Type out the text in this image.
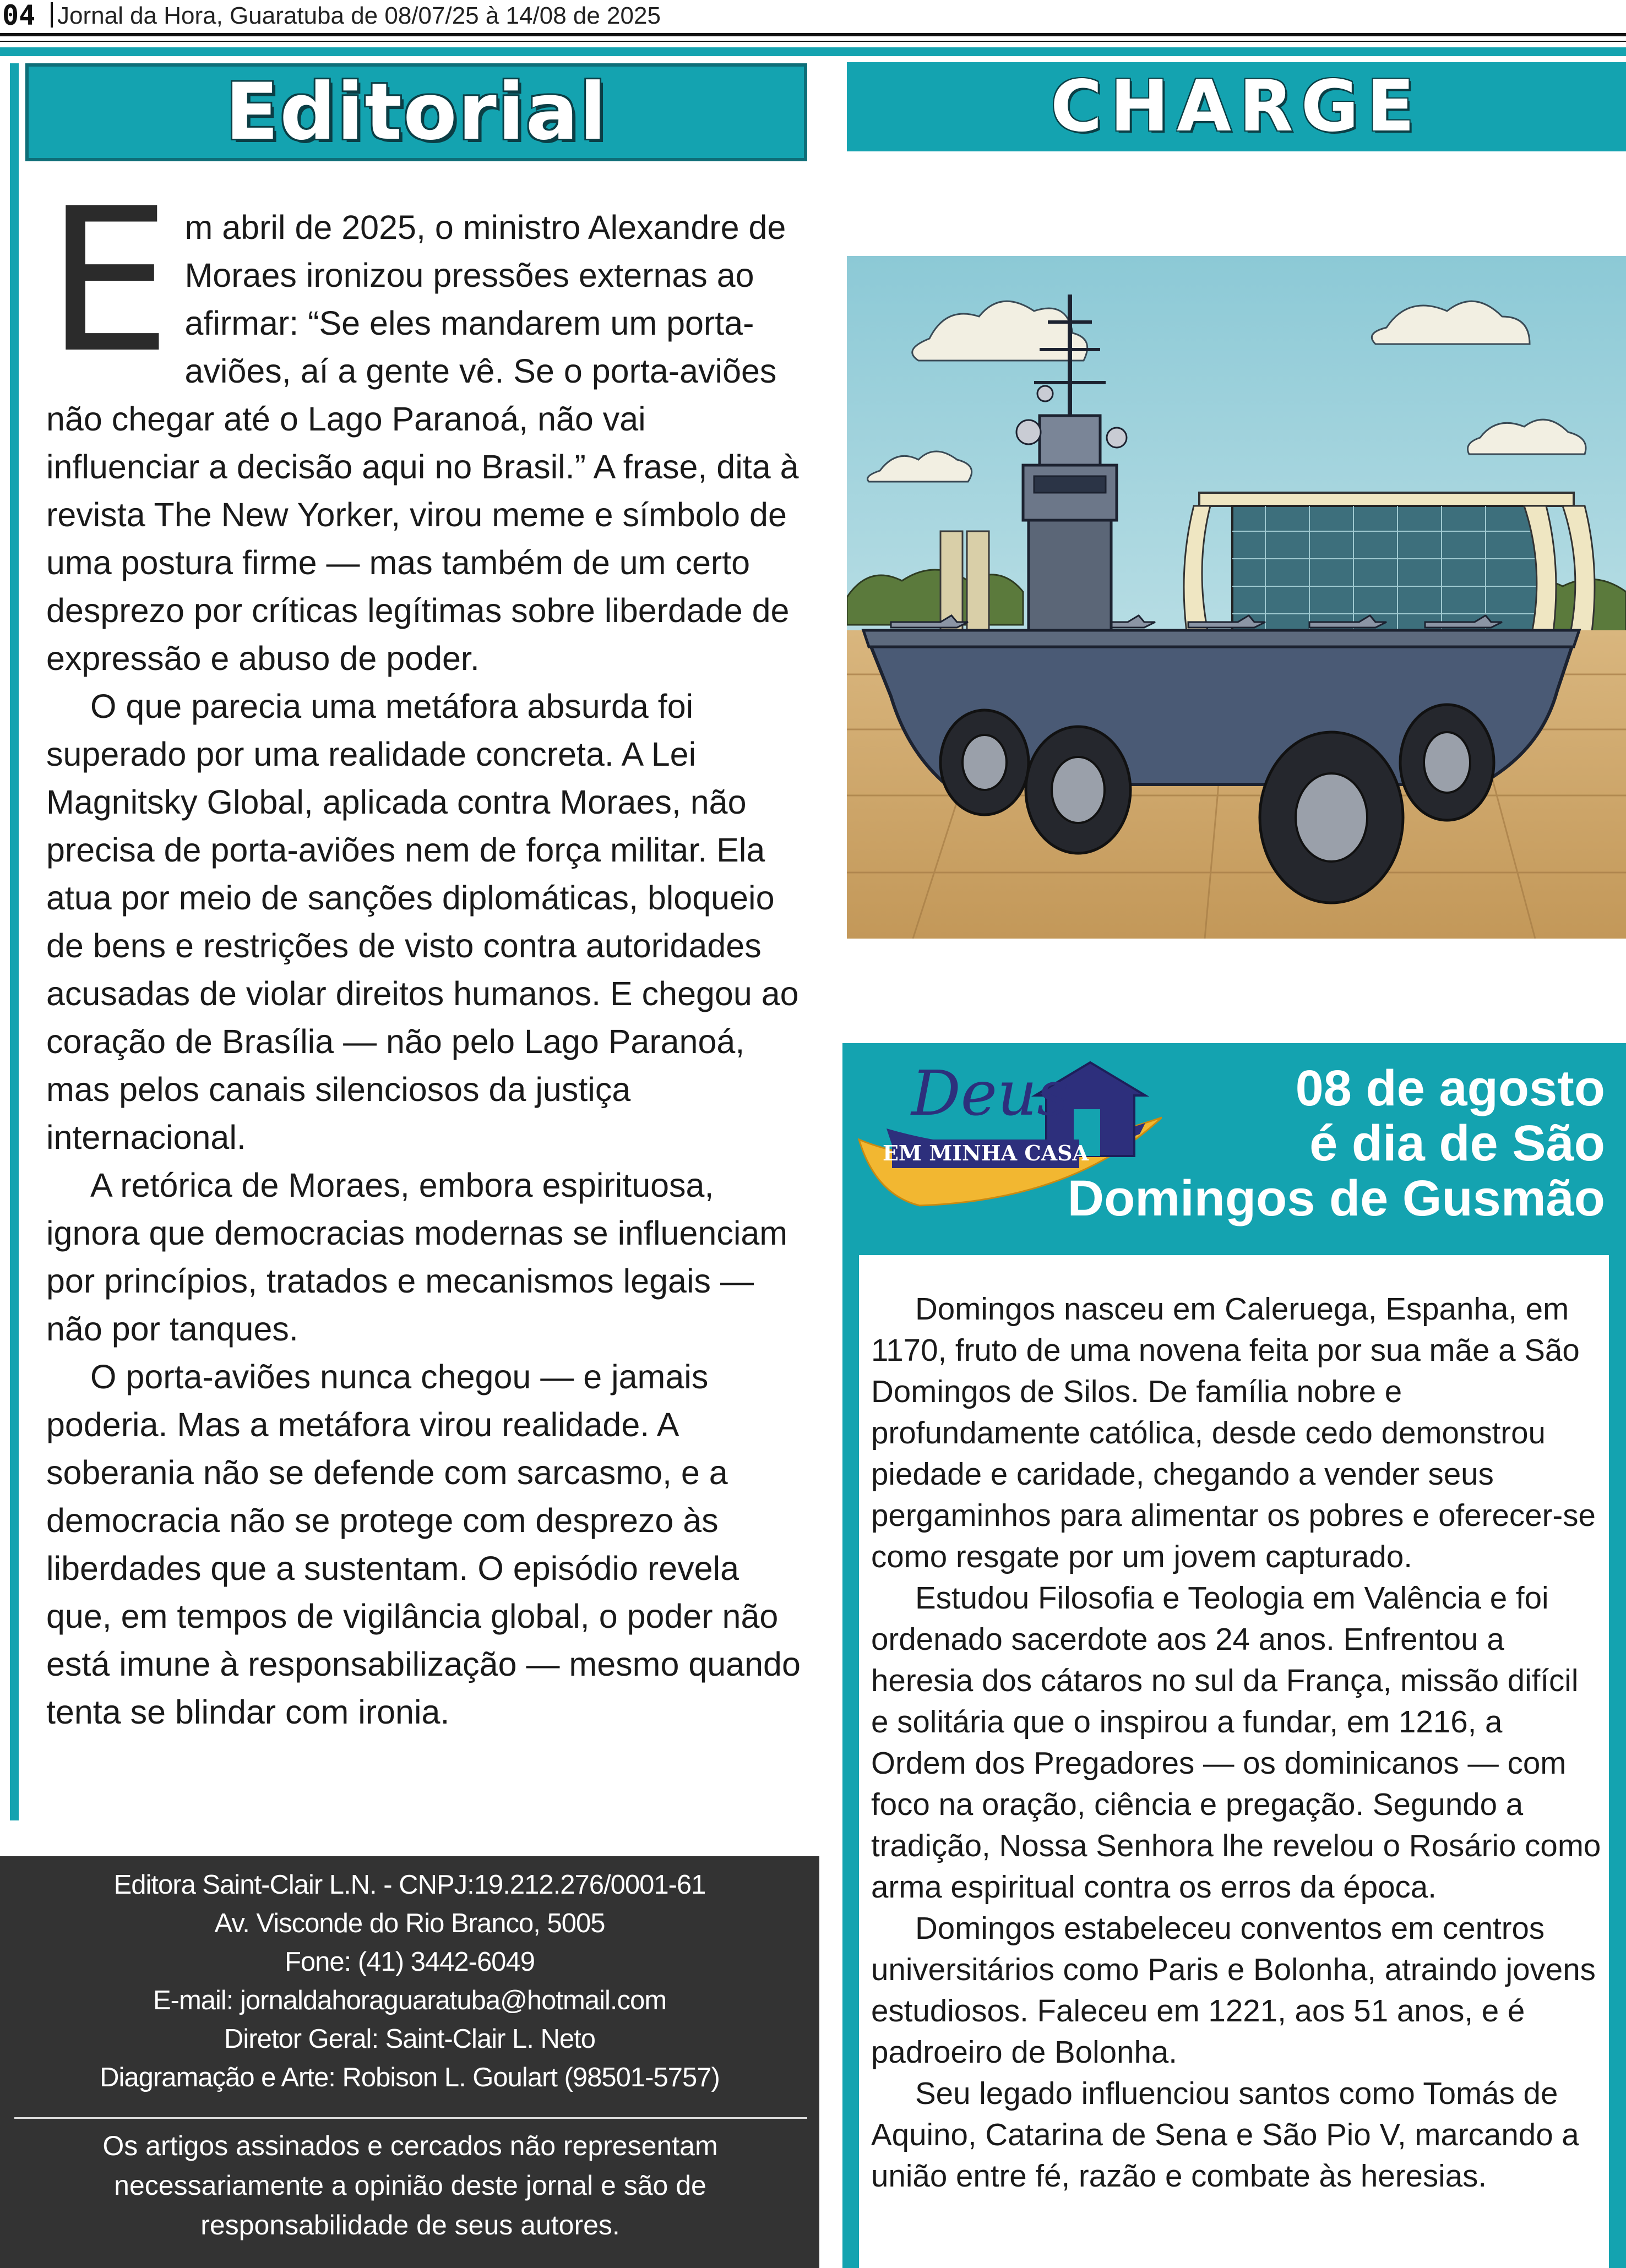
04 Jornal da Hora, Guaratuba de 08/07/25 à 14/08 de 2025
Editorial

E m abril de 2025, o ministro Alexandre de Moraes ironizou pressões externas ao afirmar: “Se eles mandarem um porta-aviões, aí a gente vê. Se o porta-aviões não chegar até o Lago Paranoá, não vai influenciar a decisão aqui no Brasil.” A frase, dita à revista The New Yorker, virou meme e símbolo de uma postura firme — mas também de um certo desprezo por críticas legítimas sobre liberdade de expressão e abuso de poder.

O que parecia uma metáfora absurda foi superado por uma realidade concreta. A Lei Magnitsky Global, aplicada contra Moraes, não precisa de porta-aviões nem de força militar. Ela atua por meio de sanções diplomáticas, bloqueio de bens e restrições de visto contra autoridades acusadas de violar direitos humanos. E chegou ao coração de Brasília — não pelo Lago Paranoá, mas pelos canais silenciosos da justiça internacional.

A retórica de Moraes, embora espirituosa, ignora que democracias modernas se influenciam por princípios, tratados e mecanismos legais — não por tanques.

O porta-aviões nunca chegou — e jamais poderia. Mas a metáfora virou realidade. A soberania não se defende com sarcasmo, e a democracia não se protege com desprezo às liberdades que a sustentam. O episódio revela que, em tempos de vigilância global, o poder não está imune à responsabilização — mesmo quando tenta se blindar com ironia.

Editora Saint-Clair L.N. - CNPJ:19.212.276/0001-61
Av. Visconde do Rio Branco, 5005
Fone: (41) 3442-6049
E-mail: jornaldahoraguaratuba@hotmail.com
Diretor Geral: Saint-Clair L. Neto
Diagramação e Arte: Robison L. Goulart (98501-5757)
Os artigos assinados e cercados não representam necessariamente a opinião deste jornal e são de responsabilidade de seus autores.
CHARGE
Deus
EM MINHA CASA
08 de agosto
é dia de São
Domingos de Gusmão

Domingos nasceu em Caleruega, Espanha, em 1170, fruto de uma novena feita por sua mãe a São Domingos de Silos. De família nobre e profundamente católica, desde cedo demonstrou piedade e caridade, chegando a vender seus pergaminhos para alimentar os pobres e oferecer-se como resgate por um jovem capturado.

Estudou Filosofia e Teologia em Valência e foi ordenado sacerdote aos 24 anos. Enfrentou a heresia dos cátaros no sul da França, missão difícil e solitária que o inspirou a fundar, em 1216, a Ordem dos Pregadores — os dominicanos — com foco na oração, ciência e pregação. Segundo a tradição, Nossa Senhora lhe revelou o Rosário como arma espiritual contra os erros da época.

Domingos estabeleceu conventos em centros universitários como Paris e Bolonha, atraindo jovens estudiosos. Faleceu em 1221, aos 51 anos, e é padroeiro de Bolonha.

Seu legado influenciou santos como Tomás de Aquino, Catarina de Sena e São Pio V, marcando a união entre fé, razão e combate às heresias.
